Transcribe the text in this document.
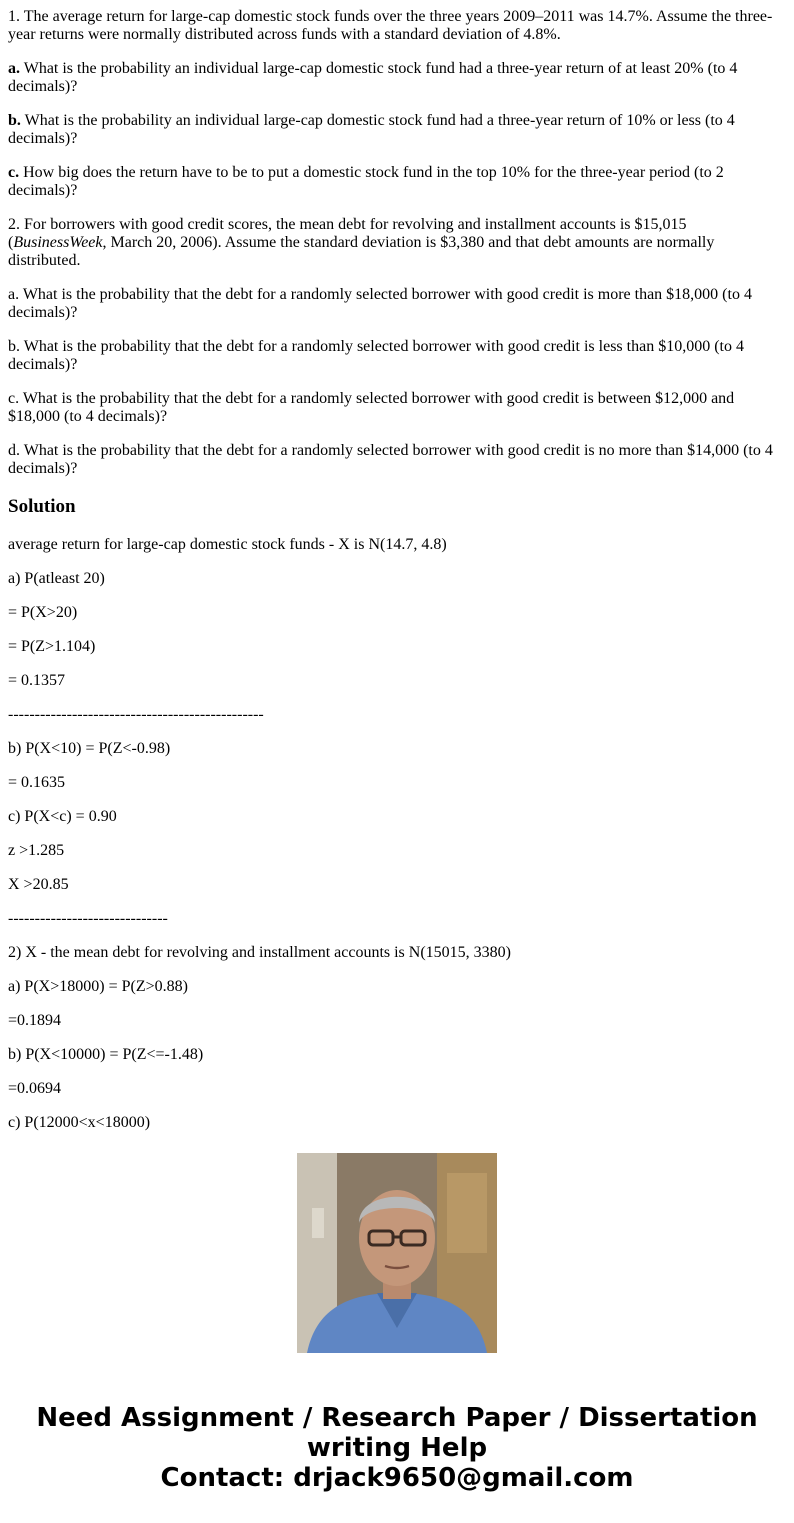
1. The average return for large-cap domestic stock funds over the three years 2009–2011 was 14.7%. Assume the three-year returns were normally distributed across funds with a standard deviation of 4.8%.

a. What is the probability an individual large-cap domestic stock fund had a three-year return of at least 20% (to 4 decimals)?

b. What is the probability an individual large-cap domestic stock fund had a three-year return of 10% or less (to 4 decimals)?

c. How big does the return have to be to put a domestic stock fund in the top 10% for the three-year period (to 2 decimals)?

2. For borrowers with good credit scores, the mean debt for revolving and installment accounts is $15,015 (BusinessWeek, March 20, 2006). Assume the standard deviation is $3,380 and that debt amounts are normally distributed.

a. What is the probability that the debt for a randomly selected borrower with good credit is more than $18,000 (to 4 decimals)?

b. What is the probability that the debt for a randomly selected borrower with good credit is less than $10,000 (to 4 decimals)?

c. What is the probability that the debt for a randomly selected borrower with good credit is between $12,000 and $18,000 (to 4 decimals)?

d. What is the probability that the debt for a randomly selected borrower with good credit is no more than $14,000 (to 4 decimals)?

Solution

average return for large-cap domestic stock funds - X is N(14.7, 4.8)

a) P(atleast 20)

= P(X>20)

= P(Z>1.104)

= 0.1357

------------------------------------------------

b) P(X<10) = P(Z<-0.98)

= 0.1635

c) P(X<c) = 0.90

z >1.285

X >20.85

------------------------------

2) X - the mean debt for revolving and installment accounts is N(15015, 3380)

a) P(X>18000) = P(Z>0.88)

=0.1894

b) P(X<10000) = P(Z<=-1.48)

=0.0694

c) P(12000<x<18000)

Need Assignment / Research Paper / Dissertation
writing Help
Contact: drjack9650@gmail.com
